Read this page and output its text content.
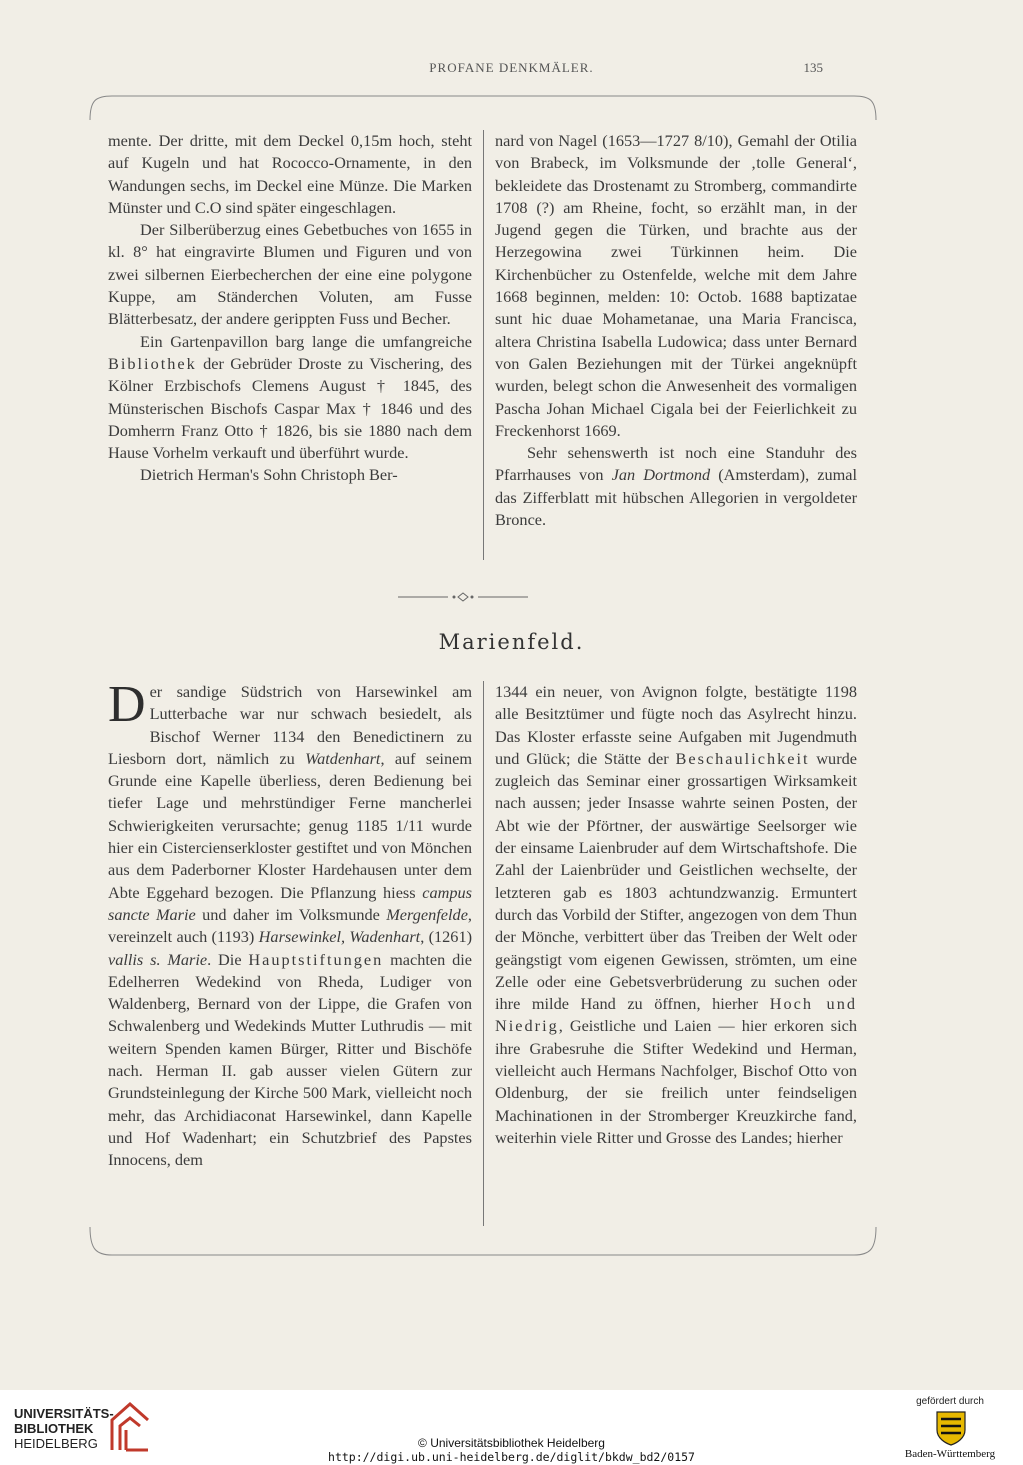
PROFANE DENKMÄLER.	135

mente. Der dritte, mit dem Deckel 0,15m hoch, steht auf Kugeln und hat Rococco-Ornamente, in den Wandungen sechs, im Deckel eine Münze. Die Marken Münster und C.O sind später eingeschlagen.

Der Silberüberzug eines Gebetbuches von 1655 in kl. 8° hat eingravirte Blumen und Figuren und von zwei silbernen Eierbecherchen der eine eine polygone Kuppe, am Ständerchen Voluten, am Fusse Blätterbesatz, der andere gerippten Fuss und Becher.

Ein Gartenpavillon barg lange die umfangreiche Bibliothek der Gebrüder Droste zu Vischering, des Kölner Erzbischofs Clemens August † 1845, des Münsterischen Bischofs Caspar Max † 1846 und des Domherrn Franz Otto † 1826, bis sie 1880 nach dem Hause Vorhelm verkauft und überführt wurde.

Dietrich Herman's Sohn Christoph Ber-

nard von Nagel (1653—1727 8/10), Gemahl der Otilia von Brabeck, im Volksmunde der ‚tolle General‘, bekleidete das Drostenamt zu Stromberg, commandirte 1708 (?) am Rheine, focht, so erzählt man, in der Jugend gegen die Türken, und brachte aus der Herzegowina zwei Türkinnen heim. Die Kirchenbücher zu Ostenfelde, welche mit dem Jahre 1668 beginnen, melden: 10: Octob. 1688 baptizatae sunt hic duae Mohametanae, una Maria Francisca, altera Christina Isabella Ludowica; dass unter Bernard von Galen Beziehungen mit der Türkei angeknüpft wurden, belegt schon die Anwesenheit des vormaligen Pascha Johan Michael Cigala bei der Feierlichkeit zu Freckenhorst 1669.

Sehr sehenswerth ist noch eine Standuhr des Pfarrhauses von Jan Dortmond (Amsterdam), zumal das Zifferblatt mit hübschen Allegorien in vergoldeter Bronce.

Marienfeld.

Der sandige Südstrich von Harsewinkel am Lutterbache war nur schwach besiedelt, als Bischof Werner 1134 den Benedictinern zu Liesborn dort, nämlich zu Watdenhart, auf seinem Grunde eine Kapelle überliess, deren Bedienung bei tiefer Lage und mehrstündiger Ferne mancherlei Schwierigkeiten verursachte; genug 1185 1/11 wurde hier ein Cistercienserkloster gestiftet und von Mönchen aus dem Paderborner Kloster Hardehausen unter dem Abte Eggehard bezogen. Die Pflanzung hiess campus sancte Marie und daher im Volksmunde Mergenfelde, vereinzelt auch (1193) Harsewinkel, Wadenhart, (1261) vallis s. Marie. Die Hauptstiftungen machten die Edelherren Wedekind von Rheda, Ludiger von Waldenberg, Bernard von der Lippe, die Grafen von Schwalenberg und Wedekinds Mutter Luthrudis — mit weitern Spenden kamen Bürger, Ritter und Bischöfe nach. Herman II. gab ausser vielen Gütern zur Grundsteinlegung der Kirche 500 Mark, vielleicht noch mehr, das Archidiaconat Harsewinkel, dann Kapelle und Hof Wadenhart; ein Schutzbrief des Papstes Innocens, dem

1344 ein neuer, von Avignon folgte, bestätigte 1198 alle Besitztümer und fügte noch das Asylrecht hinzu. Das Kloster erfasste seine Aufgaben mit Jugendmuth und Glück; die Stätte der Beschaulichkeit wurde zugleich das Seminar einer grossartigen Wirksamkeit nach aussen; jeder Insasse wahrte seinen Posten, der Abt wie der Pförtner, der auswärtige Seelsorger wie der einsame Laienbruder auf dem Wirtschaftshofe. Die Zahl der Laienbrüder und Geistlichen wechselte, der letzteren gab es 1803 achtundzwanzig. Ermuntert durch das Vorbild der Stifter, angezogen von dem Thun der Mönche, verbittert über das Treiben der Welt oder geängstigt vom eigenen Gewissen, strömten, um eine Zelle oder eine Gebetsverbrüderung zu suchen oder ihre milde Hand zu öffnen, hierher Hoch und Niedrig, Geistliche und Laien — hier erkoren sich ihre Grabesruhe die Stifter Wedekind und Herman, vielleicht auch Hermans Nachfolger, Bischof Otto von Oldenburg, der sie freilich unter feindseligen Machinationen in der Stromberger Kreuzkirche fand, weiterhin viele Ritter und Grosse des Landes; hierher

UNIVERSITÄTS-
BIBLIOTHEK
HEIDELBERG	© Universitätsbibliothek Heidelberg
http://digi.ub.uni-heidelberg.de/diglit/bkdw_bd2/0157
gefördert durch
Baden-Württemberg
